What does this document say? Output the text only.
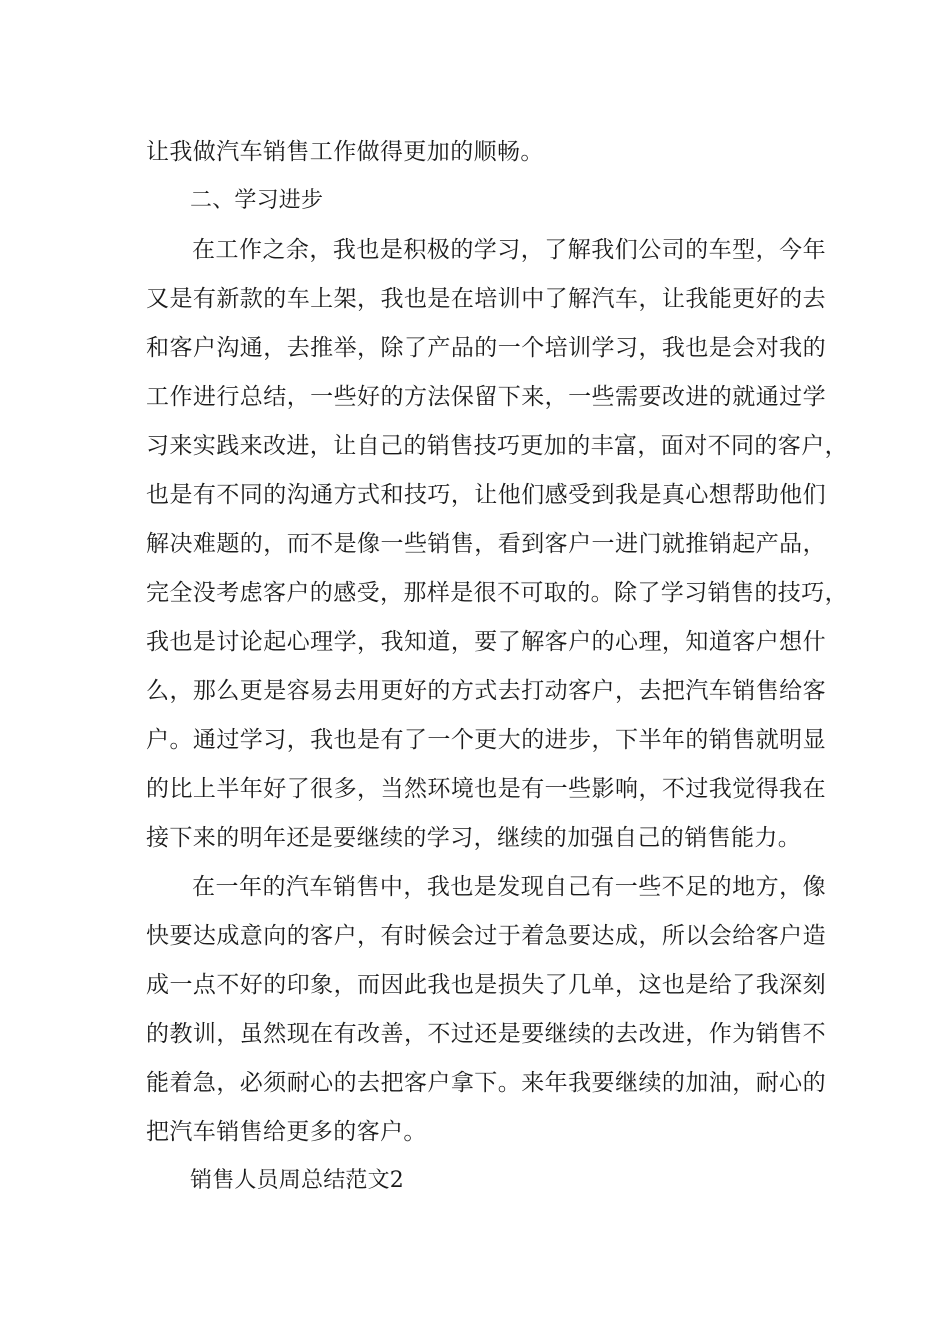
让我做汽车销售工作做得更加的顺畅。
二、学习进步
在工作之余，我也是积极的学习，了解我们公司的车型，今年
又是有新款的车上架，我也是在培训中了解汽车，让我能更好的去
和客户沟通，去推举，除了产品的一个培训学习，我也是会对我的
工作进行总结，一些好的方法保留下来，一些需要改进的就通过学
习来实践来改进，让自己的销售技巧更加的丰富，面对不同的客户，
也是有不同的沟通方式和技巧，让他们感受到我是真心想帮助他们
解决难题的，而不是像一些销售，看到客户一进门就推销起产品，
完全没考虑客户的感受，那样是很不可取的。除了学习销售的技巧，
我也是讨论起心理学，我知道，要了解客户的心理，知道客户想什
么，那么更是容易去用更好的方式去打动客户，去把汽车销售给客
户。通过学习，我也是有了一个更大的进步，下半年的销售就明显
的比上半年好了很多，当然环境也是有一些影响，不过我觉得我在
接下来的明年还是要继续的学习，继续的加强自己的销售能力。
在一年的汽车销售中，我也是发现自己有一些不足的地方，像
快要达成意向的客户，有时候会过于着急要达成，所以会给客户造
成一点不好的印象，而因此我也是损失了几单，这也是给了我深刻
的教训，虽然现在有改善，不过还是要继续的去改进，作为销售不
能着急，必须耐心的去把客户拿下。来年我要继续的加油，耐心的
把汽车销售给更多的客户。
销售人员周总结范文2
